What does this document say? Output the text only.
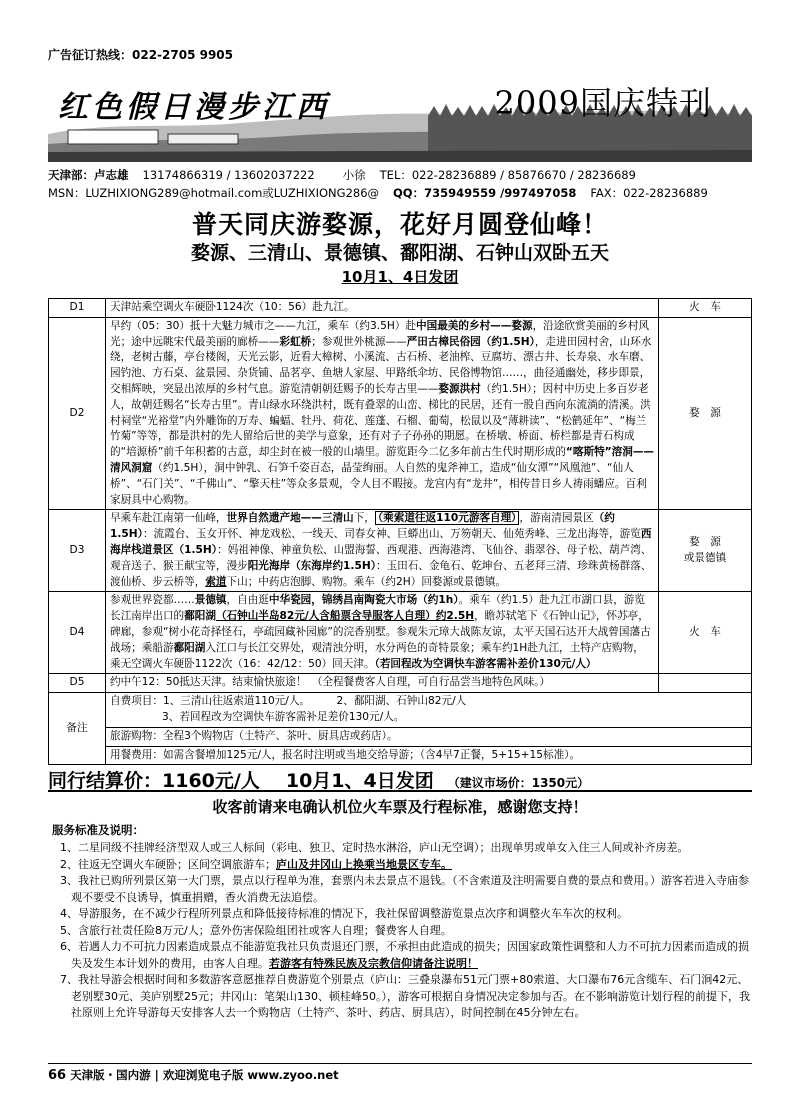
广告征订热线：022-2705 9905
红色假日漫步江西	2009国庆特刊
天津部：卢志雄 13174866319 / 13602037222 小徐 TEL：022-28236889 / 85876670 / 28236689
MSN：LUZHIXIONG289@hotmail.com或LUZHIXIONG286@ QQ：735949559 /997497058 FAX：022-28236889
普天同庆游婺源，花好月圆登仙峰！
婺源、三清山、景德镇、鄱阳湖、石钟山双卧五天
10月1、4日发团
D1	天津站乘空调火车硬卧1124次（10：56）赴九江。	火　车
D2	早约（05：30）抵十大魅力城市之——九江，乘车（约3.5H）赴中国最美的乡村——婺源，沿途欣赏美丽的乡村风光；途中远眺宋代最美丽的廊桥——彩虹桥；参观世外桃源——严田古樟民俗园（约1.5H），走进田园村舍，山环水绕，老树古藤，亭台楼阁，天光云影，近看大樟树、小溪流、古石桥、老油榨、豆腐坊、漂古井、长寿泉、水车磨、园钓池、方石桌、盆景园、杂货铺、品茗亭、鱼塘人家屋、甲路纸伞坊、民俗博物馆……，曲径通幽处，移步即景，交相辉映，突显出浓厚的乡村气息。游览清朝朝廷赐予的长寿古里——婺源洪村（约1.5H）；因村中历史上多百岁老人，故朝廷赐名“长寿古里”。青山绿水环绕洪村，既有叠翠的山峦、梯比的民居，还有一股自西向东流淌的清溪。洪村祠堂“光裕堂”内外雕饰的万寿、蝙蝠、牡丹、荷花、莲蓬、石榴、葡萄，松鼠以及“薄耕读”、“松鹤延年”、“梅兰竹菊”等等，都是洪村的先人留给后世的美学与意象，还有对子子孙孙的期愿。在桥墩、桥面、桥栏都是青石构成的“培源桥”前千年积蓄的古意，却尘封在被一般的山墙里。游览距今二亿多年前古生代时期形成的“喀斯特”溶洞——清风洞窟（约1.5H），洞中钟乳、石笋千姿百态，晶莹绚丽。人自然的鬼斧神工，造成“仙女潭”“风凰池”、“仙人桥”、“石门关”、“千佛山”、“擎天柱”等众多景观，令人目不暇接。龙宫内有“龙井”，相传昔日乡人祷雨蟠应。百利家厨具中心购物。	婺　源
D3	早乘车赴江南第一仙峰，世界自然遗产地——三清山下， （乘索道往返110元游客自理） ，游南清园景区（约1.5H）：流霞台、玉女开怀、神龙戏松、一线天、司春女神、巨蟒出山、万笏朝天、仙苑秀峰、三龙出海等，游览西海岸栈道景区（1.5H）：妈祖神像、神童负松、山盟海誓、西观港、西海港湾、飞仙谷、翡翠谷、母子松、葫芦湾、观音送子、猴王献宝等，漫步阳光海岸（东海岸约1.5H）：玉田石、金龟石、乾坤台、五老拜三清、珍珠黄杨群落、渡仙桥、步云桥等，索道下山；中药店泡脚、购物。乘车（约2H）回婺源或景德镇。	婺　源
或景德镇
D4	参观世界瓷都……景德镇，自由逛中华瓷园，锦绣昌南陶瓷大市场（约1h）。乘车（约1.5）赴九江市湖口县，游览长江南岸出口的鄱阳湖（石钟山半岛82元/人含船票含导服客人自理）约2.5H，瞻苏轼笔下《石钟山记》，怀苏亭，碑廊，参观“树小花奇择怪石，亭疏园藏补园廊”的浣香别墅。参观朱元璋大战陈友谅，太平天国石达开大战曾国藩古战场；乘船游鄱阳湖入江口与长江交界处，观清浊分明，水分两色的奇特景象；乘车约1H赴九江，土特产店购物，乘无空调火车硬卧1122次（16：42/12：50）回天津。（若回程改为空调快车游客需补差价130元/人）	火　车
D5	约中午12：50抵达天津。结束愉快旅途！　（全程餐费客人自理，可自行品尝当地特色风味。）	
备注	自费项目：1、三清山往返索道110元/人。　　　2、鄱阳湖、石钟山82元/人
3、若回程改为空调快车游客需补足差价130元/人。	
	旅游购物：全程3个购物店（土特产、茶叶、厨具店或药店）。	
	用餐费用：如需含餐增加125元/人，报名时注明或当地交给导游；（含4早7正餐，5+15+15标准）。	
同行结算价：1160元/人 10月1、4日发团 （建议市场价：1350元）
收客前请来电确认机位火车票及行程标准，感谢您支持！
服务标准及说明：

1、二星同级不挂牌经济型双人或三人标间（彩电、独卫、定时热水淋浴，庐山无空调）；出现单男或单女入住三人间或补齐房差。

2、往返无空调火车硬卧；区间空调旅游车；庐山及井冈山上换乘当地景区专车。

3、我社已购所列景区第一大门票，景点以行程单为准，套票内未去景点不退钱。（不含索道及注明需要自费的景点和费用。）游客若进入寺庙参观不要受不良诱导，慎重捐赠，香火消费无法追偿。

4、导游服务，在不减少行程所列景点和降低接待标准的情况下，我社保留调整游览景点次序和调整火车车次的权利。

5、含旅行社责任险8万元/人；意外伤害保险组团社或客人自理；餐费客人自理。

6、若遇人力不可抗力因素造成景点不能游览我社只负责退还门票，不承担由此造成的损失；因国家政策性调整和人力不可抗力因素而造成的损失及发生本计划外的费用，由客人自理。若游客有特殊民族及宗教信仰请备注说明！

7、我社导游会根据时间和多数游客意愿推荐自费游览个别景点（庐山：三叠泉瀑布51元门票+80索道、大口瀑布76元含缆车、石门涧42元、老别墅30元、美庐别墅25元；井冈山：笔架山130、顿桂峰50。），游客可根据自身情况决定参加与否。在不影响游览计划行程的前提下，我社原则上允许导游每天安排客人去一个购物店（土特产、茶叶、药店、厨具店），时间控制在45分钟左右。

66 天津版・国内游 | 欢迎浏览电子版 www.zyoo.net
